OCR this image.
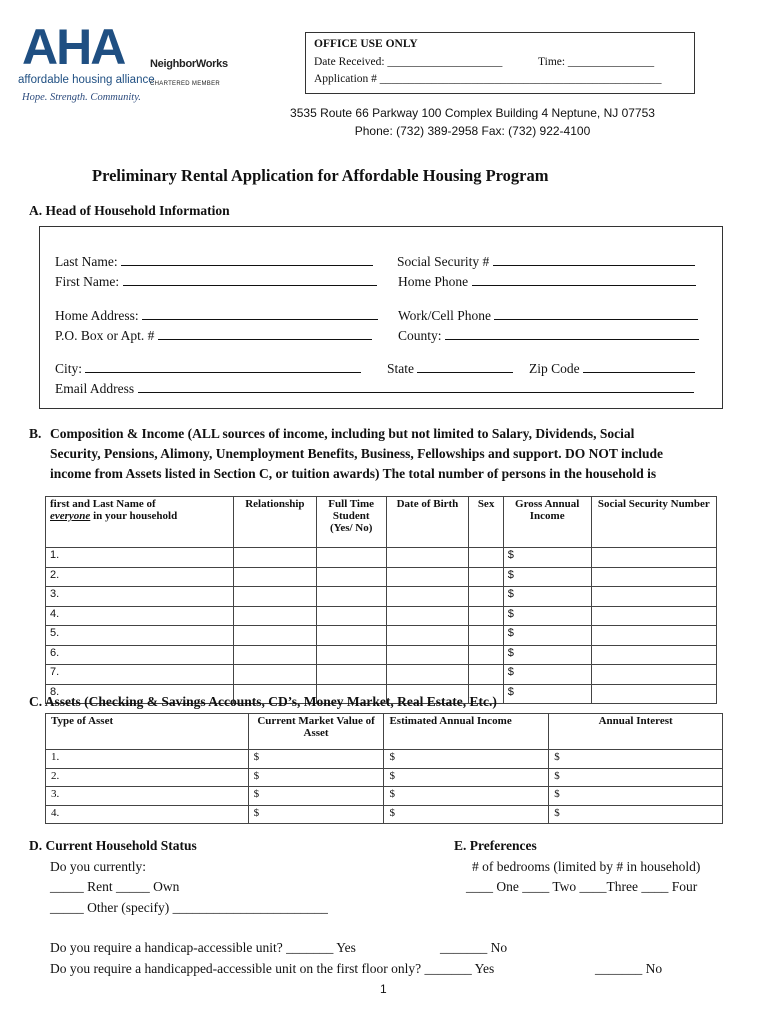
AHA
affordable housing alliance
Hope. Strength. Community.
NeighborWorks
CHARTERED MEMBER
OFFICE USE ONLY
Date Received: ____________________	Time: _______________
Application # _________________________________________________
3535 Route 66 Parkway 100 Complex Building 4 Neptune, NJ 07753
Phone: (732) 389-2958 Fax: (732) 922-4100
Preliminary Rental Application for Affordable Housing Program
A. Head of Household Information
Last Name:
First Name:
Social Security #
Home Phone
Home Address:
P.O. Box or Apt. #
Work/Cell Phone
County:
City:	State	Zip Code
Email Address
B. Composition & Income (ALL sources of income, including but not limited to Salary, Dividends, Social
Security, Pensions, Alimony, Unemployment Benefits, Business, Fellowships and support. DO NOT include
income from Assets listed in Section C, or tuition awards) The total number of persons in the household is
first and Last Name of
everyone in your household	Relationship	Full Time Student (Yes/ No)	Date of Birth	Sex	Gross Annual Income	Social Security Number
1.					$	
2.					$	
3.					$	
4.					$	
5.					$	
6.					$	
7.					$	
8.					$	
C. Assets (Checking & Savings Accounts, CD’s, Money Market, Real Estate, Etc.)
Type of Asset	Current Market Value of Asset	Estimated Annual Income	Annual Interest
1.	$	$	$
2.	$	$	$
3.	$	$	$
4.	$	$	$
D. Current Household Status
Do you currently:
_____ Rent _____ Own
_____ Other (specify) _______________________
E. Preferences
# of bedrooms (limited by # in household)
____ One ____ Two ____Three ____ Four
Do you require a handicap-accessible unit? _______ Yes	_______ No
Do you require a handicapped-accessible unit on the first floor only? _______ Yes	_______ No
1
